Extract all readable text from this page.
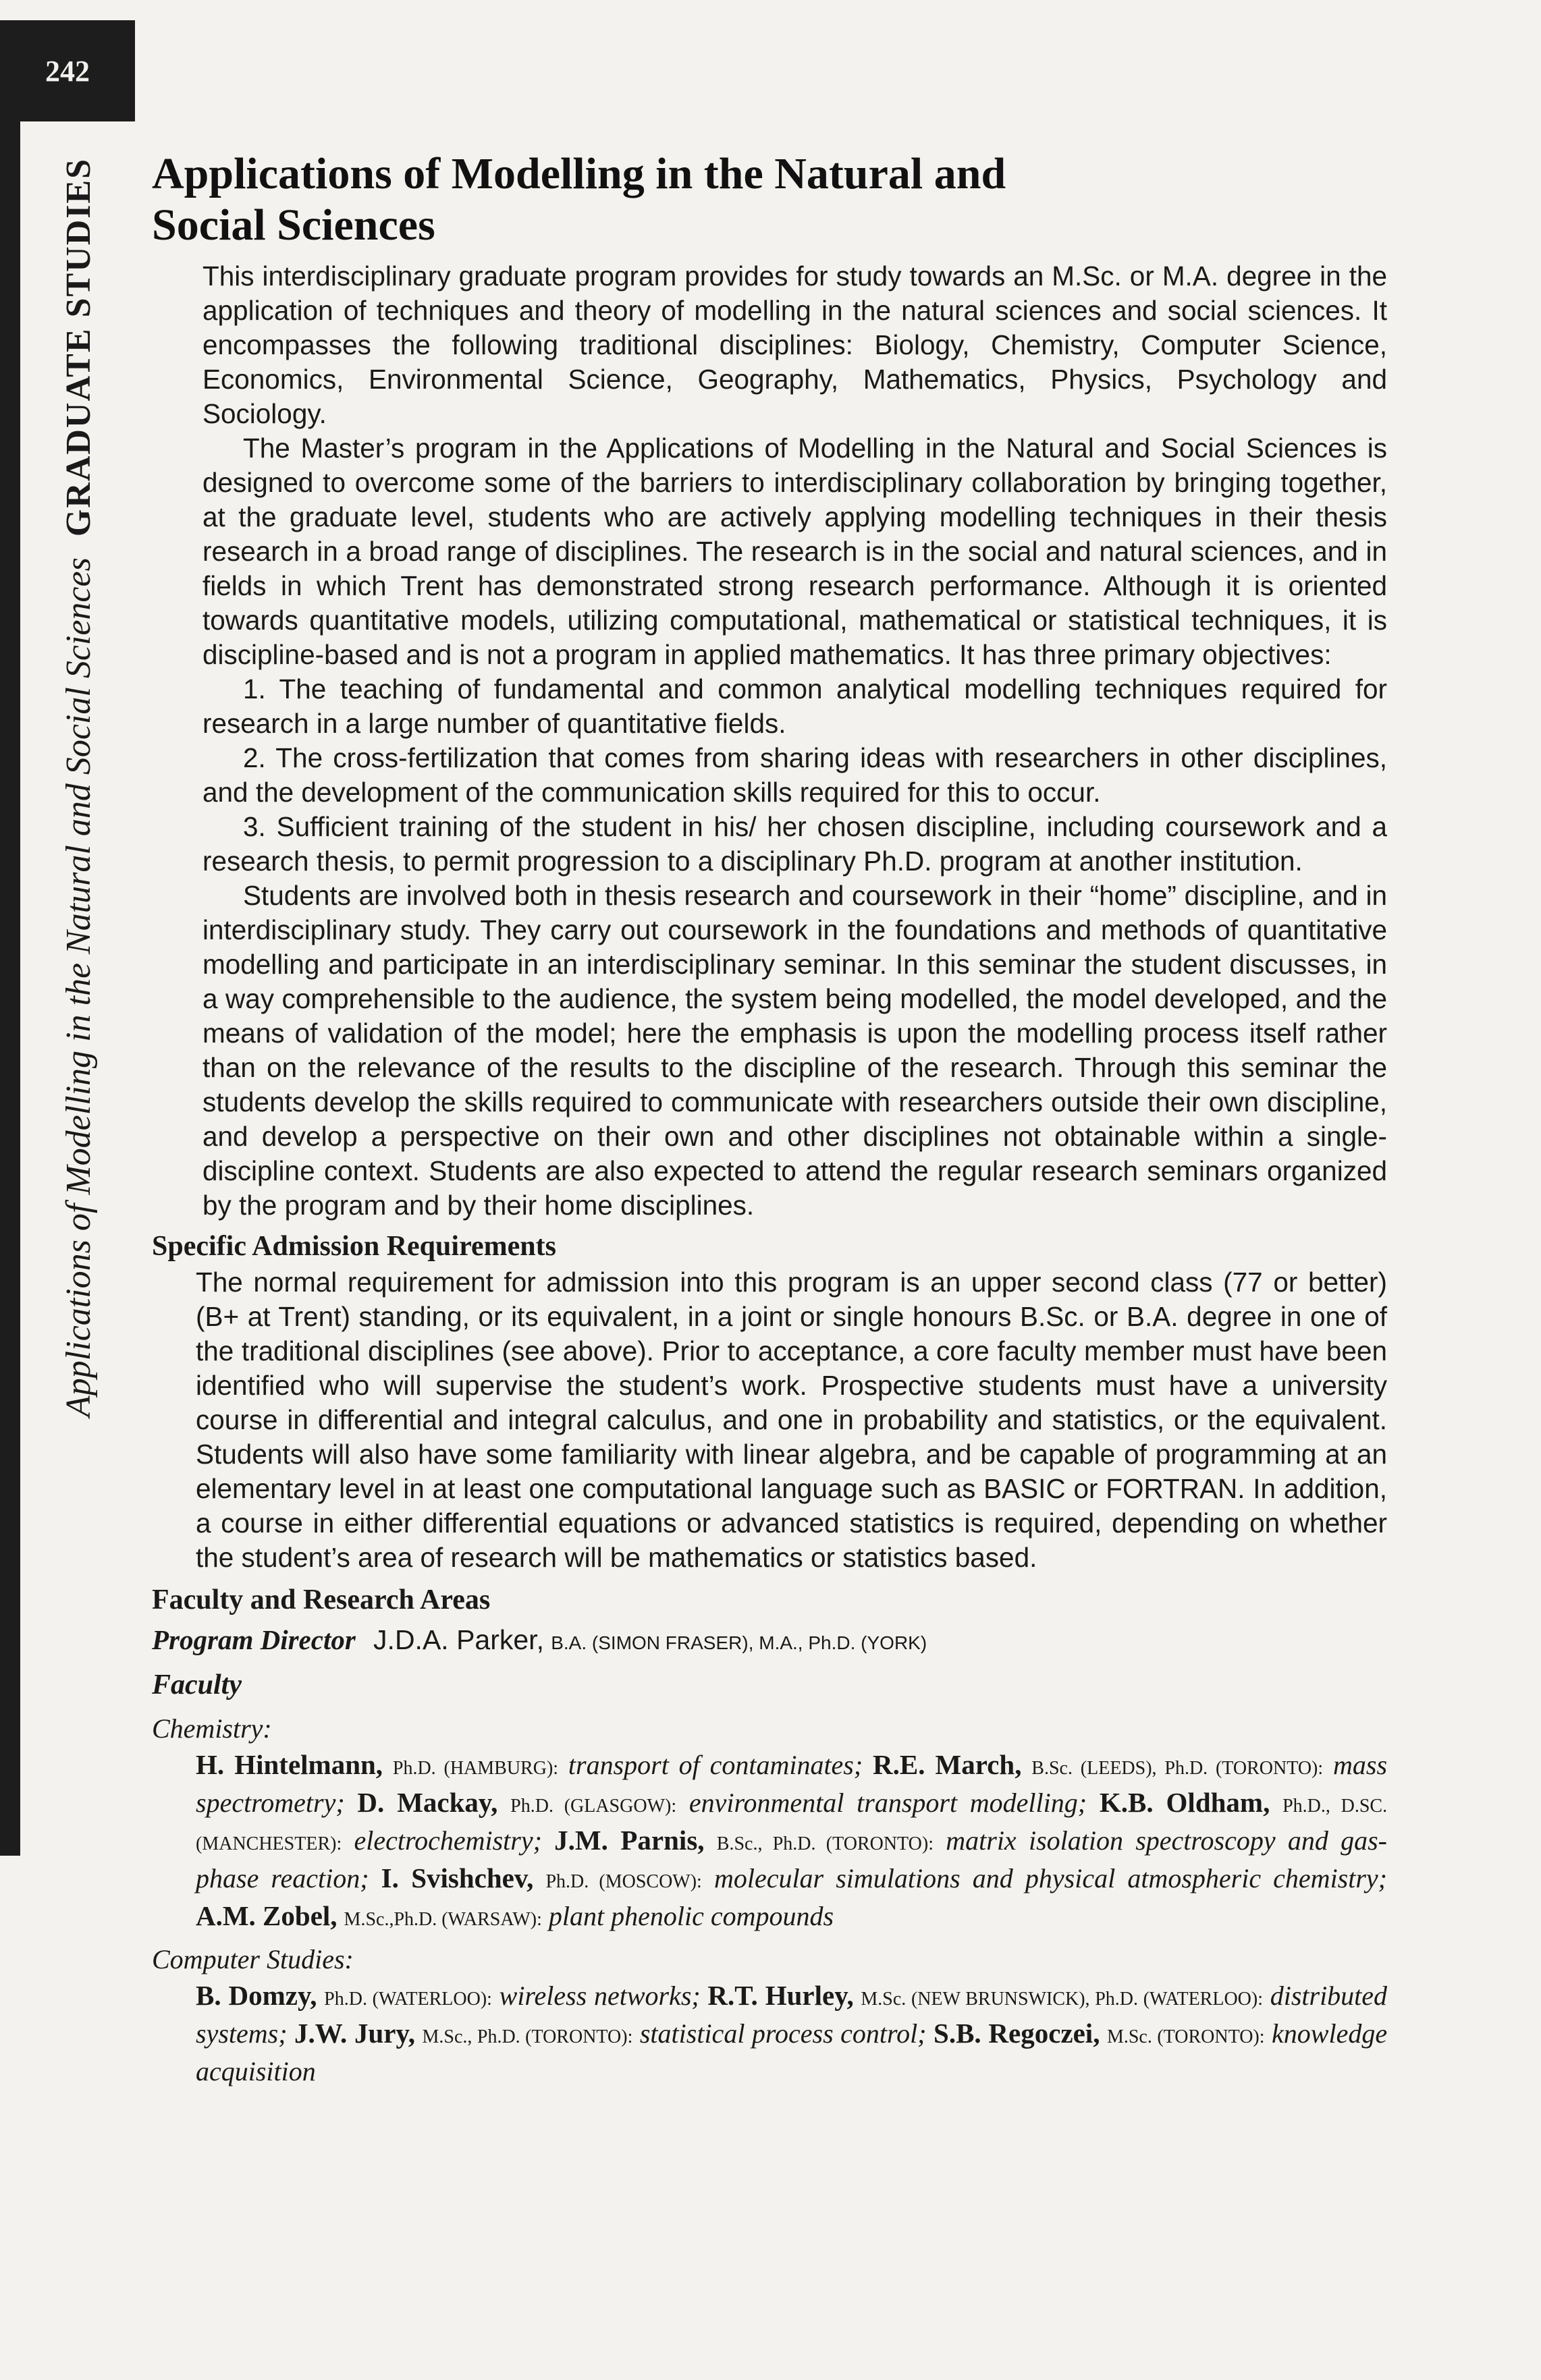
242
Applications of Modelling in the Natural and Social Sciences GRADUATE STUDIES Applications of Modelling in the Natural and Social Sciences

This interdisciplinary graduate program provides for study towards an M.Sc. or M.A. degree in the application of techniques and theory of modelling in the natural sciences and social sciences. It encompasses the following traditional disciplines: Biology, Chemistry, Computer Science, Economics, Environmental Science, Geography, Mathematics, Physics, Psychology and Sociology.

The Master’s program in the Applications of Modelling in the Natural and Social Sciences is designed to overcome some of the barriers to interdisciplinary collaboration by bringing together, at the graduate level, students who are actively applying modelling techniques in their thesis research in a broad range of disciplines. The research is in the social and natural sciences, and in fields in which Trent has demonstrated strong research performance. Although it is oriented towards quantitative models, utilizing computational, mathematical or statistical techniques, it is discipline-based and is not a program in applied mathematics. It has three primary objectives:

1. The teaching of fundamental and common analytical modelling techniques required for research in a large number of quantitative fields.

2. The cross-fertilization that comes from sharing ideas with researchers in other disciplines, and the development of the communication skills required for this to occur.

3. Sufficient training of the student in his/ her chosen discipline, including coursework and a research thesis, to permit progression to a disciplinary Ph.D. program at another institution.

Students are involved both in thesis research and coursework in their “home” discipline, and in interdisciplinary study. They carry out coursework in the foundations and methods of quantitative modelling and participate in an interdisciplinary seminar. In this seminar the student discusses, in a way comprehensible to the audience, the system being modelled, the model developed, and the means of validation of the model; here the emphasis is upon the modelling process itself rather than on the relevance of the results to the discipline of the research. Through this seminar the students develop the skills required to communicate with researchers outside their own discipline, and develop a perspective on their own and other disciplines not obtainable within a single-discipline context. Students are also expected to attend the regular research seminars organized by the program and by their home disciplines.

Specific Admission Requirements
The normal requirement for admission into this program is an upper second class (77 or better) (B+ at Trent) standing, or its equivalent, in a joint or single honours B.Sc. or B.A. degree in one of the traditional disciplines (see above). Prior to acceptance, a core faculty member must have been identified who will supervise the student’s work. Prospective students must have a university course in differential and integral calculus, and one in probability and statistics, or the equivalent. Students will also have some familiarity with linear algebra, and be capable of programming at an elementary level in at least one computational language such as BASIC or FORTRAN. In addition, a course in either differential equations or advanced statistics is required, depending on whether the student’s area of research will be mathematics or statistics based.
Faculty and Research Areas
Program Director J.D.A. Parker, B.A. (SIMON FRASER), M.A., Ph.D. (YORK)
Faculty
Chemistry:
H. Hintelmann, Ph.D. (HAMBURG): transport of contaminates; R.E. March, B.Sc. (LEEDS), Ph.D. (TORONTO): mass spectrometry; D. Mackay, Ph.D. (GLASGOW): environmental transport modelling; K.B. Oldham, Ph.D., D.SC. (MANCHESTER): electrochemistry; J.M. Parnis, B.Sc., Ph.D. (TORONTO): matrix isolation spectroscopy and gas-phase reaction; I. Svishchev, Ph.D. (MOSCOW): molecular simulations and physical atmospheric chemistry; A.M. Zobel, M.Sc.,Ph.D. (WARSAW): plant phenolic compounds
Computer Studies:
B. Domzy, Ph.D. (WATERLOO): wireless networks; R.T. Hurley, M.Sc. (NEW BRUNSWICK), Ph.D. (WATERLOO): distributed systems; J.W. Jury, M.Sc., Ph.D. (TORONTO): statistical process control; S.B. Regoczei, M.Sc. (TORONTO): knowledge acquisition
